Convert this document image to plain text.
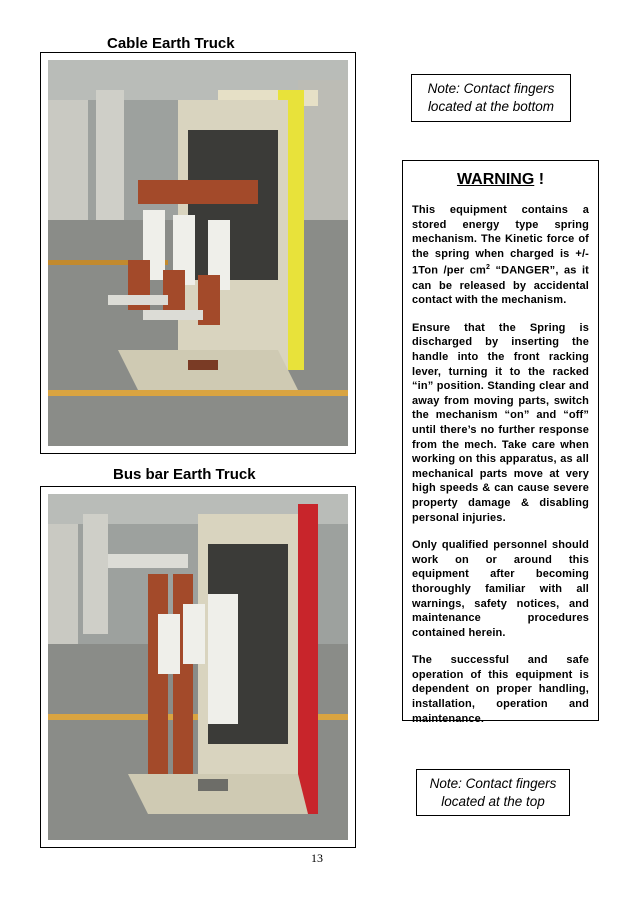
Cable Earth Truck
Bus bar Earth Truck
Note: Contact fingers
located at the bottom
Note: Contact fingers
located at the top
WARNING !

This equipment contains a stored energy type spring mechanism. The Kinetic force of the spring when charged is +/- 1Ton /per $cm^2$ “DANGER”, as it can be released by accidental contact with the mechanism.

Ensure that the Spring is discharged by inserting the handle into the front racking lever, turning it to the racked “in” position. Standing clear and away from moving parts, switch the mechanism “on” and “off” until there’s no further response from the mech. Take care when working on this apparatus, as all mechanical parts move at very high speeds & can cause severe property damage & disabling personal injuries.

Only qualified personnel should work on or around this equipment after becoming thoroughly familiar with all warnings, safety notices, and maintenance procedures contained herein.

The successful and safe operation of this equipment is dependent on proper handling, installation, operation and maintenance.

13
